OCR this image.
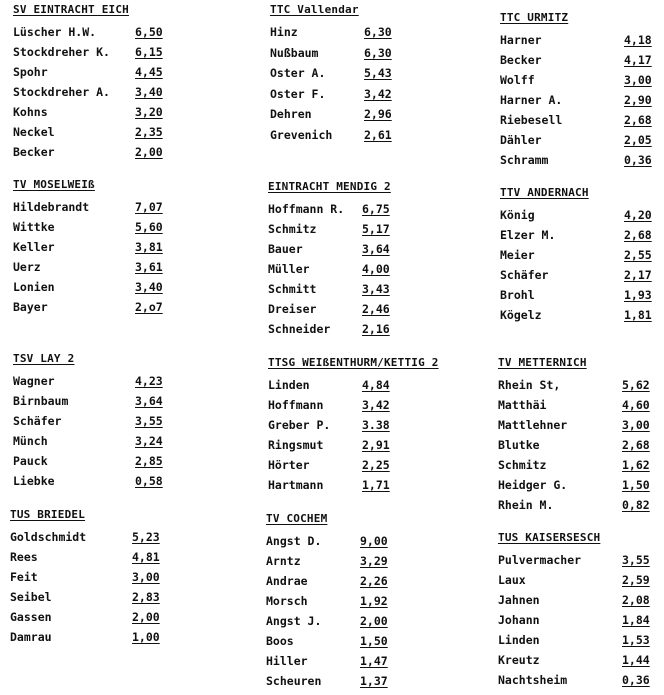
SV EINTRACHT EICH
Lüscher H.W.	6,50
Stockdreher K. 6,15
Spohr	4,45
Stockdreher A. 3,40
Kohns	3,20
Neckel	2,35
Becker	2,00
TV MOSELWEIß
Hildebrandt	7,07
Wittke	5,60
Keller	3,81
Uerz	3,61
Lonien	3,40
Bayer	2,o7
TSV LAY 2
Wagner	4,23
Birnbaum	3,64
Schäfer	3,55
Münch	3,24
Pauck	2,85
Liebke	0,58
TUS BRIEDEL
Goldschmidt	5,23
Rees	4,81
Feit	3,00
Seibel	2,83
Gassen	2,00
Damrau	1,00
TTC Vallendar
Hinz	6,30
Nußbaum	6,30
Oster A.	5,43
Oster F.	3,42
Dehren	2,96
Grevenich	2,61
EINTRACHT MENDIG 2
Hoffmann R. 6,75
Schmitz	5,17
Bauer	3,64
Müller	4,00
Schmitt	3,43
Dreiser	2,46
Schneider	2,16
TTSG WEIßENTHURM/KETTIG 2
Linden	4,84
Hoffmann	3,42
Greber P.	3.38
Ringsmut	2,91
Hörter	2,25
Hartmann	1,71
TV COCHEM
Angst D.	9,00
Arntz	3,29
Andrae	2,26
Morsch	1,92
Angst J.	2,00
Boos	1,50
Hiller	1,47
Scheuren	1,37
TTC URMITZ
Harner	4,18
Becker	4,17
Wolff	3,00
Harner A.	2,90
Riebesell	2,68
Dähler	2,05
Schramm	0,36
TTV ANDERNACH
König	4,20
Elzer M.	2,68
Meier	2,55
Schäfer	2,17
Brohl	1,93
Kögelz	1,81
TV METTERNICH
Rhein St,	5,62
Matthäi	4,60
Mattlehner	3,00
Blutke	2,68
Schmitz	1,62
Heidger G.	1,50
Rhein M.	0,82
TUS KAISERSESCH
Pulvermacher	3,55
Laux	2,59
Jahnen	2,08
Johann	1,84
Linden	1,53
Kreutz	1,44
Nachtsheim	0,36
